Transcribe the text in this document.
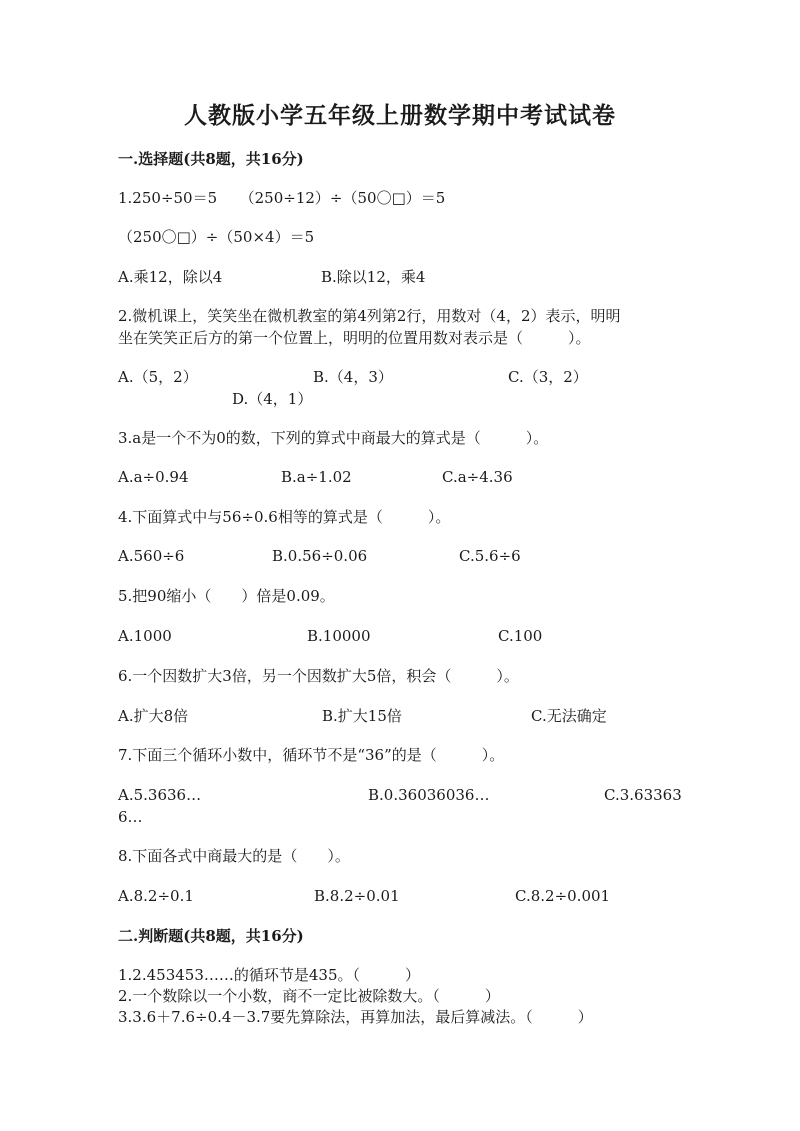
人教版小学五年级上册数学期中考试试卷
一.选择题(共8题，共16分)
1.250÷50＝5　　（250÷12）÷（50〇□）＝5
（250〇□）÷（50×4）＝5
A.乘12，除以4	B.除以12，乘4
2.微机课上，笑笑坐在微机教室的第4列第2行，用数对（4，2）表示，明明
坐在笑笑正后方的第一个位置上，明明的位置用数对表示是（　　　）。
A.（5，2）	B.（4，3）	C.（3，2）
D.（4，1）
3.a是一个不为0的数，下列的算式中商最大的算式是（　　　）。
A.a÷0.94	B.a÷1.02	C.a÷4.36
4.下面算式中与56÷0.6相等的算式是（　　　）。
A.560÷6	B.0.56÷0.06	C.5.6÷6
5.把90缩小（　　）倍是0.09。
A.1000	B.10000	C.100
6.一个因数扩大3倍，另一个因数扩大5倍，积会（　　　）。
A.扩大8倍	B.扩大15倍	C.无法确定
7.下面三个循环小数中，循环节不是“36”的是（　　　）。
A.5.3636…	B.0.36036036…	C.3.63363
6…
8.下面各式中商最大的是（　　）。
A.8.2÷0.1	B.8.2÷0.01	C.8.2÷0.001
二.判断题(共8题，共16分)
1.2.453453……的循环节是435。（　　　）
2.一个数除以一个小数，商不一定比被除数大。（　　　）
3.3.6＋7.6÷0.4－3.7要先算除法，再算加法，最后算减法。（　　　）
